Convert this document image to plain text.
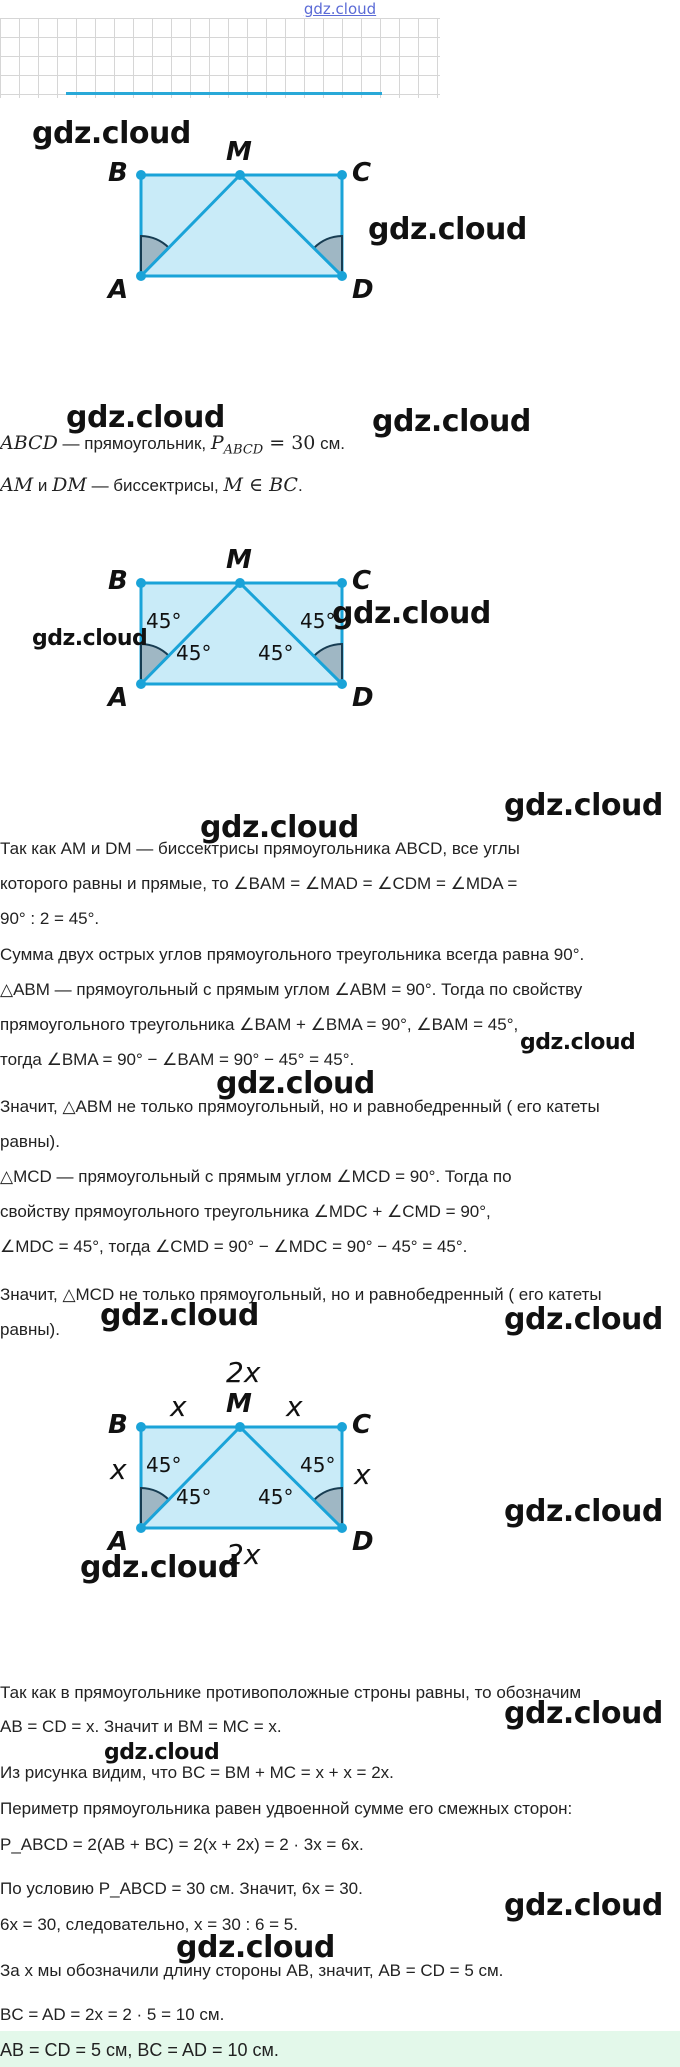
gdz.cloud
B
M
C
A	D
gdz.cloud
gdz.cloud
gdz.cloud	gdz.cloud
ABCD — прямоугольник, $P_{ABCD} = 30$ см.
AM и DM — биссектрисы, M ∈ BC.
45°
45° 45°
45°
B
M
C
A	D
gdz.cloud
gdz.cloud
gdz.cloud
gdz.cloud
Так как AM и DM — биссектрисы прямоугольника ABCD, все углы
которого равны и прямые, то ∠BAM = ∠MAD = ∠CDM = ∠MDA =
90° : 2 = 45°.
Сумма двух острых углов прямоугольного треугольника всегда равна 90°.
△ABM — прямоугольный с прямым углом ∠ABM = 90°. Тогда по свойству
прямоугольного треугольника ∠BAM + ∠BMA = 90°, ∠BAM = 45°,
тогда ∠BMA = 90° − ∠BAM = 90° − 45° = 45°.
gdz.cloud
gdz.cloud
Значит, △ABM не только прямоугольный, но и равнобедренный ( его катеты
равны).
△MCD — прямоугольный с прямым углом ∠MCD = 90°. Тогда по
свойству прямоугольного треугольника ∠MDC + ∠CMD = 90°,
∠MDC = 45°, тогда ∠CMD = 90° − ∠MDC = 90° − 45° = 45°.
Значит, △MCD не только прямоугольный, но и равнобедренный ( его катеты
равны). gdz.cloud	gdz.cloud
2x
x	x
x	x
2x
45°
45° 45°
45°
B
M
C
A	D
gdz.cloud
gdz.cloud
Так как в прямоугольнике противоположные строны равны, то обозначим
AB = CD = x. Значит и BM = MC = x.	gdz.cloud
gdz.cloud
Из рисунка видим, что BC = BM + MC = x + x = 2x.
Периметр прямоугольника равен удвоенной сумме его смежных сторон:
P_ABCD = 2(AB + BC) = 2(x + 2x) = 2 · 3x = 6x.
По условию P_ABCD = 30 см. Значит, 6x = 30.
6x = 30, следовательно, x = 30 : 6 = 5.
gdz.cloud
gdz.cloud
За x мы обозначили длину стороны AB, значит, AB = CD = 5 см.
BC = AD = 2x = 2 · 5 = 10 см.
AB = CD = 5 см, BC = AD = 10 см.
